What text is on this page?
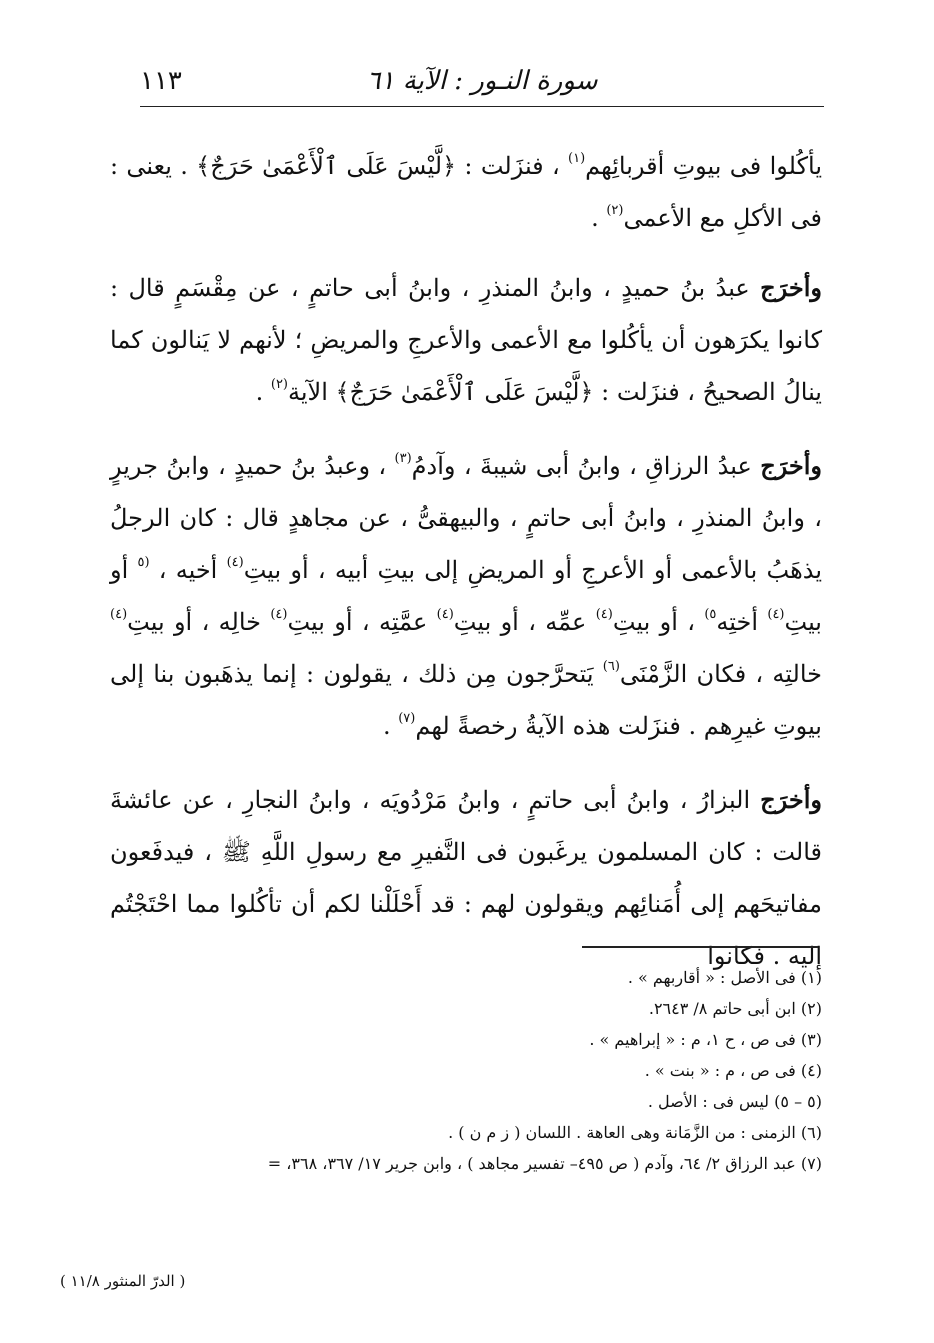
سورة النـور : الآية ٦١
١١٣

يأكُلوا فى بيوتِ أقربائِهم$^{(١)}$ ، فنزَلت : ﴿لَّيْسَ عَلَى ٱلْأَعْمَىٰ حَرَجٌ﴾ . يعنى : فى الأكلِ مع الأعمى$^{(٢)}$ .

وأخرَج عبدُ بنُ حميدٍ ، وابنُ المنذرِ ، وابنُ أبى حاتمٍ ، عن مِقْسَمٍ قال : كانوا يكرَهون أن يأكُلوا مع الأعمى والأعرجِ والمريضِ ؛ لأنهم لا يَنالون كما ينالُ الصحيحُ ، فنزَلت : ﴿لَّيْسَ عَلَى ٱلْأَعْمَىٰ حَرَجٌ﴾ الآية$^{(٢)}$ .

وأخرَج عبدُ الرزاقِ ، وابنُ أبى شيبةَ ، وآدمُ$^{(٣)}$ ، وعبدُ بنُ حميدٍ ، وابنُ جريرٍ ، وابنُ المنذرِ ، وابنُ أبى حاتمٍ ، والبيهقىُّ ، عن مجاهدٍ قال : كان الرجلُ يذهَبُ بالأعمى أو الأعرجِ أو المريضِ إلى بيتِ أبيه ، أو بيتِ$^{(٤)}$ أخيه ، $^{(٥}$ أو بيتِ$^{(٤)}$ أختِه$^{٥)}$ ، أو بيتِ$^{(٤)}$ عمِّه ، أو بيتِ$^{(٤)}$ عمَّتِه ، أو بيتِ$^{(٤)}$ خالِه ، أو بيتِ$^{(٤)}$ خالتِه ، فكان الزَّمْنَى$^{(٦)}$ يَتحرَّجون مِن ذلك ، يقولون : إنما يذهَبون بنا إلى بيوتِ غيرِهم . فنزَلت هذه الآيةُ رخصةً لهم$^{(٧)}$ .

وأخرَج البزارُ ، وابنُ أبى حاتمٍ ، وابنُ مَرْدُويَه ، وابنُ النجارِ ، عن عائشةَ قالت : كان المسلمون يرغَبون فى النَّفيرِ مع رسولِ اللَّهِ ﷺ ، فيدفَعون مفاتيحَهم إلى أُمَنائِهم ويقولون لهم : قد أَحْلَلْنا لكم أن تأكُلوا مما احْتَجْتُم إليه . فكانوا

(١) فى الأصل : « أقاربهم » .
(٢) ابن أبى حاتم ٨/ ٢٦٤٣.
(٣) فى ص ، ح ١، م : « إبراهيم » .
(٤) فى ص ، م : « بنت » .
(٥ – ٥) ليس فى : الأصل .
(٦) الزمنى : من الزَّمَانة وهى العاهة . اللسان ( ز م ن ) .
(٧) عبد الرزاق ٢/ ٦٤، وآدم ( ص ٤٩٥– تفسير مجاهد ) ، وابن جرير ١٧/ ٣٦٧، ٣٦٨، =
( الدرّ المنثور ١١/٨ )
